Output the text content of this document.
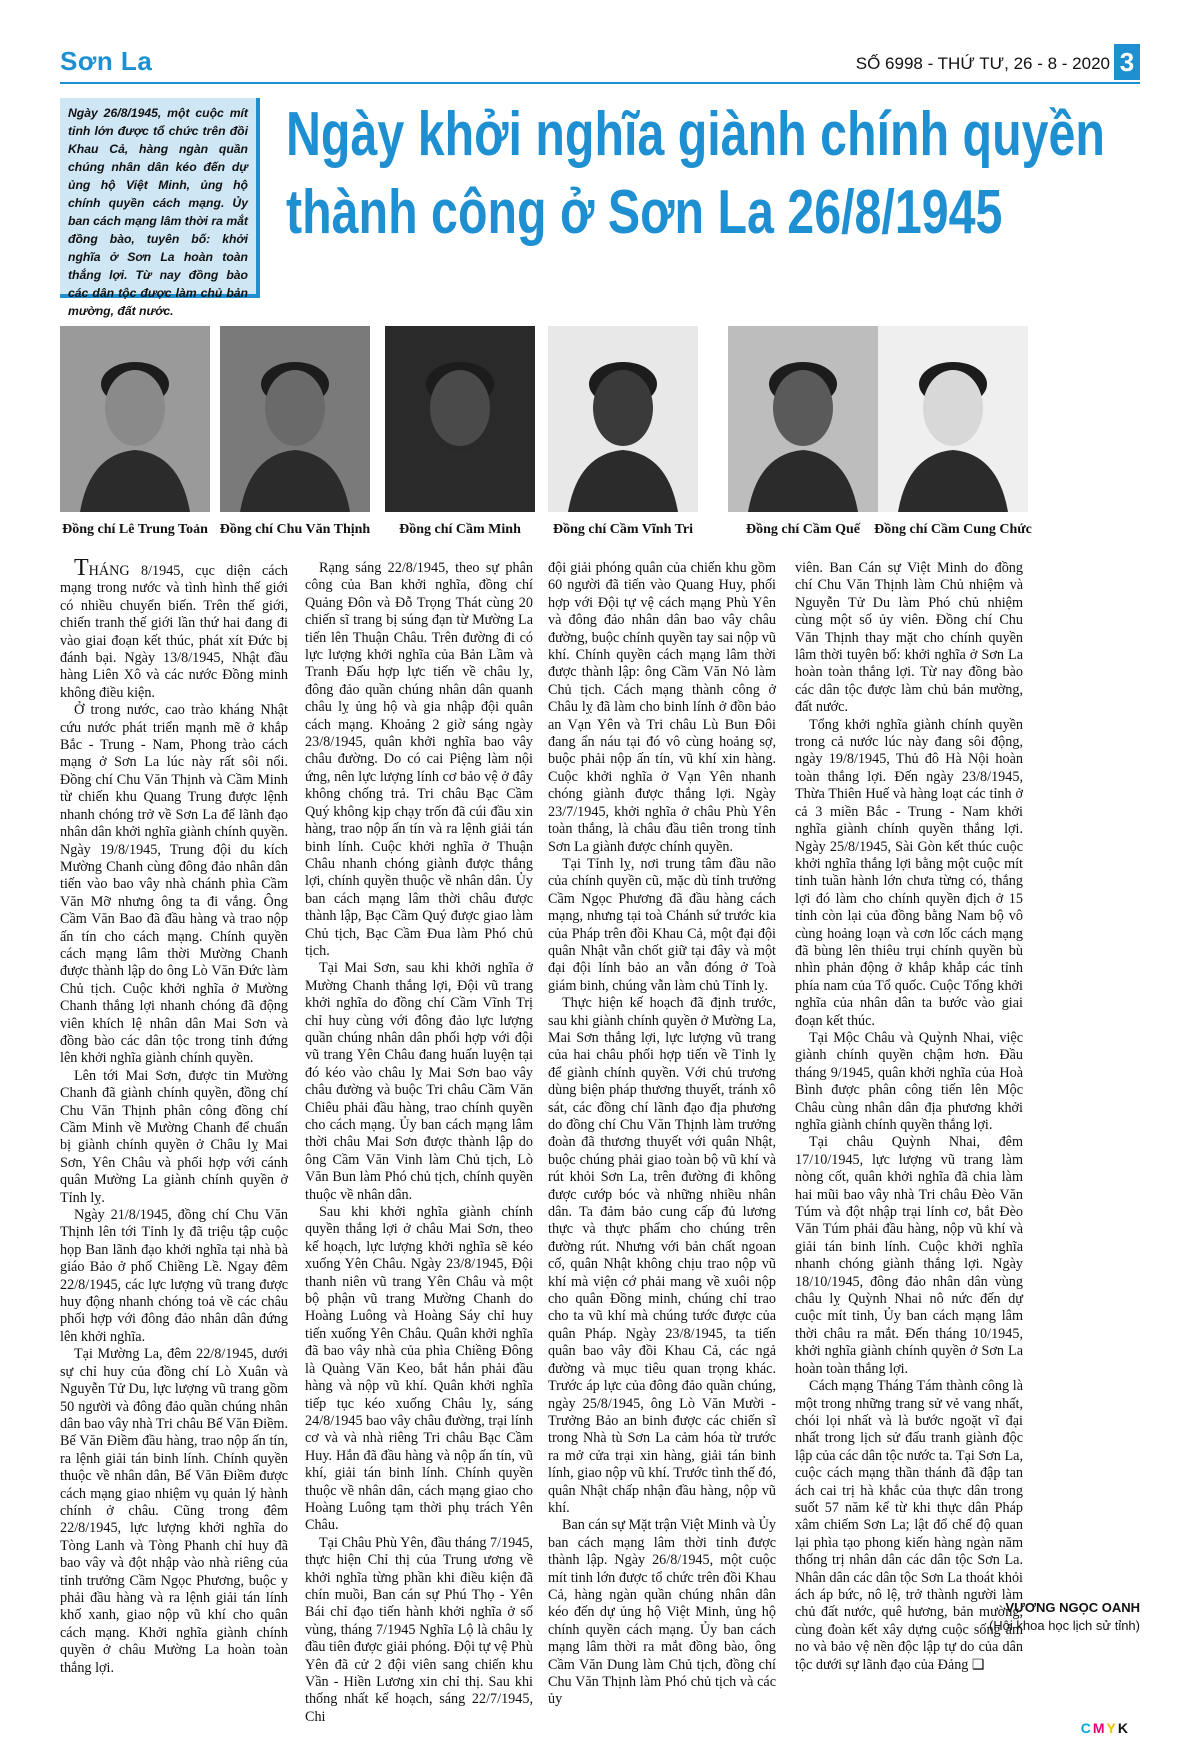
Sơn La	SỐ 6998 - THỨ TƯ, 26 - 8 - 2020 3
Ngày 26/8/1945, một cuộc mít tinh lớn được tổ chức trên đồi Khau Cả, hàng ngàn quần chúng nhân dân kéo đến dự ủng hộ Việt Minh, ủng hộ chính quyền cách mạng. Ủy ban cách mạng lâm thời ra mắt đồng bào, tuyên bố: khởi nghĩa ở Sơn La hoàn toàn thắng lợi. Từ nay đồng bào các dân tộc được làm chủ bản mường, đất nước.
Ngày khởi nghĩa giành chính quyền
thành công ở Sơn La 26/8/1945
Đồng chí Lê Trung Toản Đồng chí Chu Văn Thịnh	Đồng chí Cầm Minh	Đồng chí Cầm Vĩnh Tri	Đồng chí Cầm Quế	Đồng chí Cầm Cung Chức

THÁNG 8/1945, cục diện cách mạng trong nước và tình hình thế giới có nhiều chuyển biến. Trên thế giới, chiến tranh thế giới lần thứ hai đang đi vào giai đoạn kết thúc, phát xít Đức bị đánh bại. Ngày 13/8/1945, Nhật đầu hàng Liên Xô và các nước Đồng minh không điều kiện.

Ở trong nước, cao trào kháng Nhật cứu nước phát triển mạnh mẽ ở khắp Bắc - Trung - Nam, Phong trào cách mạng ở Sơn La lúc này rất sôi nổi. Đồng chí Chu Văn Thịnh và Cầm Minh từ chiến khu Quang Trung được lệnh nhanh chóng trở về Sơn La để lãnh đạo nhân dân khởi nghĩa giành chính quyền. Ngày 19/8/1945, Trung đội du kích Mường Chanh cùng đông đảo nhân dân tiến vào bao vây nhà chánh phìa Cầm Văn Mỡ nhưng ông ta đi vắng. Ông Cầm Văn Bao đã đầu hàng và trao nộp ấn tín cho cách mạng. Chính quyền cách mạng lâm thời Mường Chanh được thành lập do ông Lò Văn Đức làm Chủ tịch. Cuộc khởi nghĩa ở Mường Chanh thắng lợi nhanh chóng đã động viên khích lệ nhân dân Mai Sơn và đồng bào các dân tộc trong tỉnh đứng lên khởi nghĩa giành chính quyền.

Lên tới Mai Sơn, được tin Mường Chanh đã giành chính quyền, đồng chí Chu Văn Thịnh phân công đồng chí Cầm Minh về Mường Chanh để chuẩn bị giành chính quyền ở Châu lỵ Mai Sơn, Yên Châu và phối hợp với cánh quân Mường La giành chính quyền ở Tỉnh lỵ.

Ngày 21/8/1945, đồng chí Chu Văn Thịnh lên tới Tỉnh lỵ đã triệu tập cuộc họp Ban lãnh đạo khởi nghĩa tại nhà bà giáo Bảo ở phố Chiềng Lề. Ngay đêm 22/8/1945, các lực lượng vũ trang được huy động nhanh chóng toả về các châu phối hợp với đông đảo nhân dân đứng lên khởi nghĩa.

Tại Mường La, đêm 22/8/1945, dưới sự chỉ huy của đồng chí Lò Xuân và Nguyễn Tử Du, lực lượng vũ trang gồm 50 người và đông đảo quần chúng nhân dân bao vây nhà Tri châu Bế Văn Điềm. Bế Văn Điềm đầu hàng, trao nộp ấn tín, ra lệnh giải tán binh lính. Chính quyền thuộc về nhân dân, Bế Văn Điềm được cách mạng giao nhiệm vụ quản lý hành chính ở châu. Cũng trong đêm 22/8/1945, lực lượng khởi nghĩa do Tòng Lanh và Tòng Phanh chỉ huy đã bao vây và đột nhập vào nhà riêng của tỉnh trưởng Cầm Ngọc Phương, buộc y phải đầu hàng và ra lệnh giải tán lính khố xanh, giao nộp vũ khí cho quân cách mạng. Khởi nghĩa giành chính quyền ở châu Mường La hoàn toàn thắng lợi.

Rạng sáng 22/8/1945, theo sự phân công của Ban khởi nghĩa, đồng chí Quảng Đôn và Đỗ Trọng Thát cùng 20 chiến sĩ trang bị súng đạn từ Mường La tiến lên Thuận Châu. Trên đường đi có lực lượng khởi nghĩa của Bản Lầm và Tranh Đấu hợp lực tiến về châu lỵ, đông đảo quần chúng nhân dân quanh châu lỵ ủng hộ và gia nhập đội quân cách mạng. Khoảng 2 giờ sáng ngày 23/8/1945, quân khởi nghĩa bao vây châu đường. Do có cai Piệng làm nội ứng, nên lực lượng lính cơ bảo vệ ở đây không chống trả. Tri châu Bạc Cầm Quý không kịp chạy trốn đã cúi đầu xin hàng, trao nộp ấn tín và ra lệnh giải tán binh lính. Cuộc khởi nghĩa ở Thuận Châu nhanh chóng giành được thắng lợi, chính quyền thuộc về nhân dân. Ủy ban cách mạng lâm thời châu được thành lập, Bạc Cầm Quý được giao làm Chủ tịch, Bạc Cầm Đua làm Phó chủ tịch.

Tại Mai Sơn, sau khi khởi nghĩa ở Mường Chanh thắng lợi, Đội vũ trang khởi nghĩa do đồng chí Cầm Vĩnh Trị chỉ huy cùng với đông đảo lực lượng quần chúng nhân dân phối hợp với đội vũ trang Yên Châu đang huấn luyện tại đó kéo vào châu lỵ Mai Sơn bao vây châu đường và buộc Tri châu Cầm Văn Chiêu phải đầu hàng, trao chính quyền cho cách mạng. Ủy ban cách mạng lâm thời châu Mai Sơn được thành lập do ông Cầm Văn Vinh làm Chủ tịch, Lò Văn Bun làm Phó chủ tịch, chính quyền thuộc về nhân dân.

Sau khi khởi nghĩa giành chính quyền thắng lợi ở châu Mai Sơn, theo kế hoạch, lực lượng khởi nghĩa sẽ kéo xuống Yên Châu. Ngày 23/8/1945, Đội thanh niên vũ trang Yên Châu và một bộ phận vũ trang Mường Chanh do Hoàng Luông và Hoàng Sáy chỉ huy tiến xuống Yên Châu. Quân khởi nghĩa đã bao vây nhà của phìa Chiềng Đông là Quàng Văn Keo, bắt hắn phải đầu hàng và nộp vũ khí. Quân khởi nghĩa tiếp tục kéo xuống Châu lỵ, sáng 24/8/1945 bao vây châu đường, trại lính cơ và và nhà riêng Tri châu Bạc Cầm Huy. Hắn đã đầu hàng và nộp ấn tín, vũ khí, giải tán binh lính. Chính quyền thuộc về nhân dân, cách mạng giao cho Hoàng Luông tạm thời phụ trách Yên Châu.

Tại Châu Phù Yên, đầu tháng 7/1945, thực hiện Chỉ thị của Trung ương về khởi nghĩa từng phần khi điều kiện đã chín muồi, Ban cán sự Phú Thọ - Yên Bái chỉ đạo tiến hành khởi nghĩa ở số vùng, tháng 7/1945 Nghĩa Lộ là châu lỵ đầu tiên được giải phóng. Đội tự vệ Phù Yên đã cử 2 đội viên sang chiến khu Vần - Hiền Lương xin chỉ thị. Sau khi thống nhất kế hoạch, sáng 22/7/1945, Chi

đội giải phóng quân của chiến khu gồm 60 người đã tiến vào Quang Huy, phối hợp với Đội tự vệ cách mạng Phù Yên và đông đảo nhân dân bao vây châu đường, buộc chính quyền tay sai nộp vũ khí. Chính quyền cách mạng lâm thời được thành lập: ông Cầm Văn Nỏ làm Chủ tịch. Cách mạng thành công ở Châu lỵ đã làm cho binh lính ở đồn bảo an Vạn Yên và Tri châu Lù Bun Đôi đang ẩn náu tại đó vô cùng hoảng sợ, buộc phải nộp ấn tín, vũ khí xin hàng. Cuộc khởi nghĩa ở Vạn Yên nhanh chóng giành được thắng lợi. Ngày 23/7/1945, khởi nghĩa ở châu Phù Yên toàn thắng, là châu đầu tiên trong tỉnh Sơn La giành được chính quyền.

Tại Tỉnh lỵ, nơi trung tâm đầu não của chính quyền cũ, mặc dù tỉnh trưởng Cầm Ngọc Phương đã đầu hàng cách mạng, nhưng tại toà Chánh sứ trước kia của Pháp trên đồi Khau Cả, một đại đội quân Nhật vẫn chốt giữ tại đây và một đại đội lính bảo an vẫn đóng ở Toà giám binh, chúng vẫn làm chủ Tỉnh lỵ.

Thực hiện kế hoạch đã định trước, sau khi giành chính quyền ở Mường La, Mai Sơn thắng lợi, lực lượng vũ trang của hai châu phối hợp tiến về Tỉnh lỵ để giành chính quyền. Với chủ trương dùng biện pháp thương thuyết, tránh xô sát, các đồng chí lãnh đạo địa phương do đồng chí Chu Văn Thịnh làm trưởng đoàn đã thương thuyết với quân Nhật, buộc chúng phải giao toàn bộ vũ khí và rút khỏi Sơn La, trên đường đi không được cướp bóc và những nhiều nhân dân. Ta đảm bảo cung cấp đủ lương thực và thực phẩm cho chúng trên đường rút. Nhưng với bản chất ngoan cố, quân Nhật không chịu trao nộp vũ khí mà viện cớ phải mang về xuôi nộp cho quân Đồng minh, chúng chỉ trao cho ta vũ khí mà chúng tước được của quân Pháp. Ngày 23/8/1945, ta tiến quân bao vây đồi Khau Cả, các ngả đường và mục tiêu quan trọng khác. Trước áp lực của đông đảo quần chúng, ngày 25/8/1945, ông Lò Văn Mười - Trưởng Bảo an binh được các chiến sĩ trong Nhà tù Sơn La cảm hóa từ trước ra mở cửa trại xin hàng, giải tán binh lính, giao nộp vũ khí. Trước tình thế đó, quân Nhật chấp nhận đầu hàng, nộp vũ khí.

Ban cán sự Mặt trận Việt Minh và Ủy ban cách mạng lâm thời tỉnh được thành lập. Ngày 26/8/1945, một cuộc mít tinh lớn được tổ chức trên đồi Khau Cả, hàng ngàn quần chúng nhân dân kéo đến dự ủng hộ Việt Minh, ủng hộ chính quyền cách mạng. Ủy ban cách mạng lâm thời ra mắt đồng bào, ông Cầm Văn Dung làm Chủ tịch, đồng chí Chu Văn Thịnh làm Phó chủ tịch và các ủy

viên. Ban Cán sự Việt Minh do đồng chí Chu Văn Thịnh làm Chủ nhiệm và Nguyễn Tử Du làm Phó chủ nhiệm cùng một số ủy viên. Đồng chí Chu Văn Thịnh thay mặt cho chính quyền lâm thời tuyên bố: khởi nghĩa ở Sơn La hoàn toàn thắng lợi. Từ nay đồng bào các dân tộc được làm chủ bản mường, đất nước.

Tổng khởi nghĩa giành chính quyền trong cả nước lúc này đang sôi động, ngày 19/8/1945, Thủ đô Hà Nội hoàn toàn thắng lợi. Đến ngày 23/8/1945, Thừa Thiên Huế và hàng loạt các tỉnh ở cả 3 miền Bắc - Trung - Nam khởi nghĩa giành chính quyền thắng lợi. Ngày 25/8/1945, Sài Gòn kết thúc cuộc khởi nghĩa thắng lợi bằng một cuộc mít tinh tuần hành lớn chưa từng có, thắng lợi đó làm cho chính quyền địch ở 15 tỉnh còn lại của đồng bằng Nam bộ vô cùng hoảng loạn và cơn lốc cách mạng đã bùng lên thiêu trụi chính quyền bù nhìn phản động ở khắp khắp các tỉnh phía nam của Tổ quốc. Cuộc Tổng khởi nghĩa của nhân dân ta bước vào giai đoạn kết thúc.

Tại Mộc Châu và Quỳnh Nhai, việc giành chính quyền chậm hơn. Đầu tháng 9/1945, quân khởi nghĩa của Hoà Bình được phân công tiến lên Mộc Châu cùng nhân dân địa phương khởi nghĩa giành chính quyền thắng lợi.

Tại châu Quỳnh Nhai, đêm 17/10/1945, lực lượng vũ trang làm nòng cốt, quân khởi nghĩa đã chia làm hai mũi bao vây nhà Tri châu Đèo Văn Túm và đột nhập trại lính cơ, bắt Đèo Văn Túm phải đầu hàng, nộp vũ khí và giải tán binh lính. Cuộc khởi nghĩa nhanh chóng giành thắng lợi. Ngày 18/10/1945, đông đảo nhân dân vùng châu lỵ Quỳnh Nhai nô nức đến dự cuộc mít tinh, Ủy ban cách mạng lâm thời châu ra mắt. Đến tháng 10/1945, khởi nghĩa giành chính quyền ở Sơn La hoàn toàn thắng lợi.

Cách mạng Tháng Tám thành công là một trong những trang sử vẻ vang nhất, chói lọi nhất và là bước ngoặt vĩ đại nhất trong lịch sử đấu tranh giành độc lập của các dân tộc nước ta. Tại Sơn La, cuộc cách mạng thần thánh đã đập tan ách cai trị hà khắc của thực dân trong suốt 57 năm kể từ khi thực dân Pháp xâm chiếm Sơn La; lật đổ chế độ quan lại phìa tạo phong kiến hàng ngàn năm thống trị nhân dân các dân tộc Sơn La. Nhân dân các dân tộc Sơn La thoát khỏi ách áp bức, nô lệ, trở thành người làm chủ đất nước, quê hương, bản mường, cùng đoàn kết xây dựng cuộc sống ấm no và bảo vệ nền độc lập tự do của dân tộc dưới sự lãnh đạo của Đảng ❑

VƯƠNG NGỌC OANH
(Hội khoa học lịch sử tỉnh)
CMYK
